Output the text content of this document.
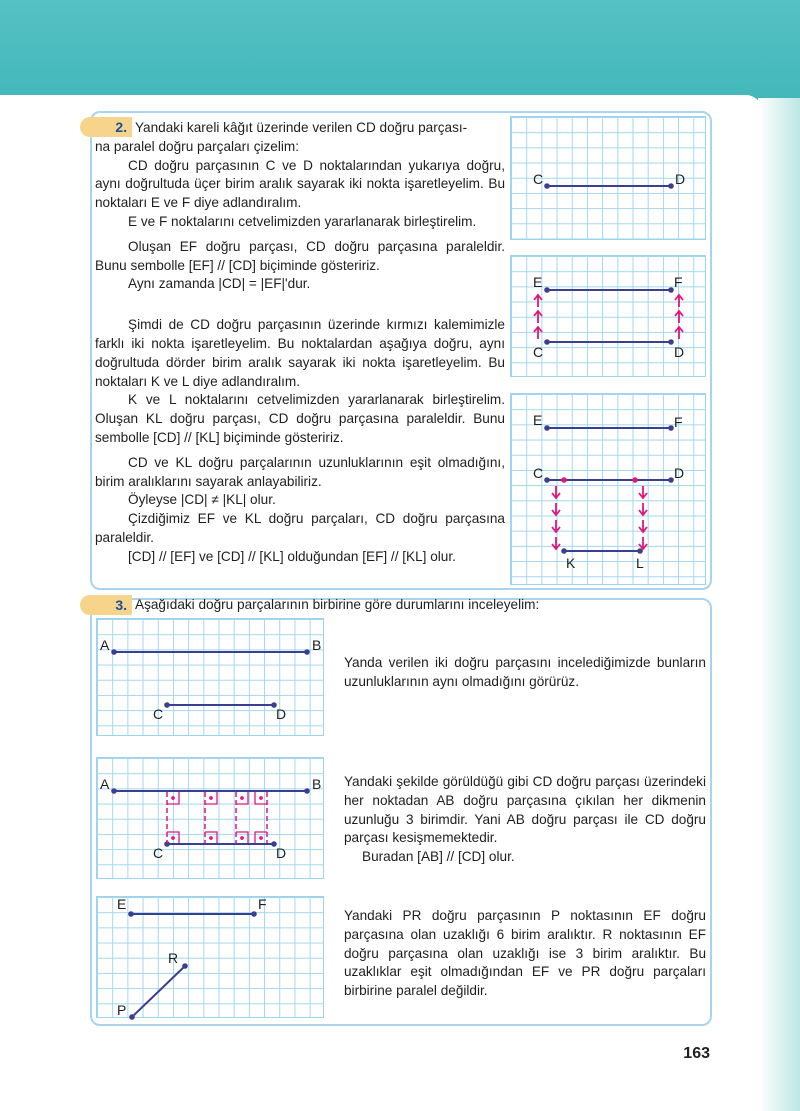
2. Yandaki kareli kâğıt üzerinde verilen CD doğru parçası-

na paralel doğru parçaları çizelim:

CD doğru parçasının C ve D noktalarından yukarıya doğru, aynı doğrultuda üçer birim aralık sayarak iki nokta işaretleyelim. Bu noktaları E ve F diye adlandıralım.

E ve F noktalarını cetvelimizden yararlanarak birleştirelim.

Oluşan EF doğru parçası, CD doğru parçasına paraleldir. Bunu sembolle [EF] // [CD] biçiminde gösteririz.

Aynı zamanda |CD| = |EF|'dur.

Şimdi de CD doğru parçasının üzerinde kırmızı kalemimizle farklı iki nokta işaretleyelim. Bu noktalardan aşağıya doğru, aynı doğrultuda dörder birim aralık sayarak iki nokta işaretleyelim. Bu noktaları K ve L diye adlandıralım.

K ve L noktalarını cetvelimizden yararlanarak birleştirelim. Oluşan KL doğru parçası, CD doğru parçasına paraleldir. Bunu sembolle [CD] // [KL] biçiminde gösteririz.

CD ve KL doğru parçalarının uzunluklarının eşit olmadığını, birim aralıklarını sayarak anlayabiliriz.

Öyleyse |CD| ≠ |KL| olur.

Çizdiğimiz EF ve KL doğru parçaları, CD doğru parçasına paraleldir.

[CD] // [EF] ve [CD] // [KL] olduğundan [EF] // [KL] olur.

C	D
E	F
C	D
E	F
C	D
K	L
3. Aşağıdaki doğru parçalarının birbirine göre durumlarını inceleyelim:
A	B
C	D
Yanda verilen iki doğru parçasını incelediğimizde bunların uzunluklarının aynı olmadığını görürüz.
A	B
C	D

Yandaki şekilde görüldüğü gibi CD doğru parçası üzerindeki her noktadan AB doğru parçasına çıkılan her dikmenin uzunluğu 3 birimdir. Yani AB doğru parçası ile CD doğru parçası kesişmemektedir.

Buradan [AB] // [CD] olur.

E	F
R
P
Yandaki PR doğru parçasının P noktasının EF doğru parçasına olan uzaklığı 6 birim aralıktır. R noktasının EF doğru parçasına olan uzaklığı ise 3 birim aralıktır. Bu uzaklıklar eşit olmadığından EF ve PR doğru parçaları birbirine paralel değildir.
163
